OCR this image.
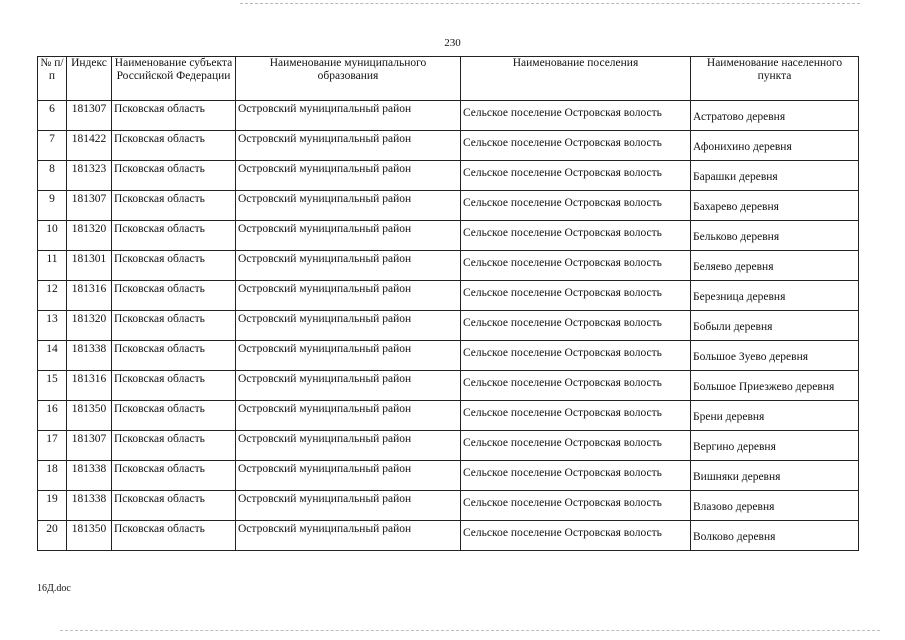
230
№ п/п	Индекс	Наименование субъекта Российской Федерации	Наименование муниципального образования	Наименование поселения	Наименование населенного пункта
6	181307	Псковская область	Островский муниципальный район	Сельское поселение Островская волость	Астратово деревня
7	181422	Псковская область	Островский муниципальный район	Сельское поселение Островская волость	Афонихино деревня
8	181323	Псковская область	Островский муниципальный район	Сельское поселение Островская волость	Барашки деревня
9	181307	Псковская область	Островский муниципальный район	Сельское поселение Островская волость	Бахарево деревня
10	181320	Псковская область	Островский муниципальный район	Сельское поселение Островская волость	Бельково деревня
11	181301	Псковская область	Островский муниципальный район	Сельское поселение Островская волость	Беляево деревня
12	181316	Псковская область	Островский муниципальный район	Сельское поселение Островская волость	Березница деревня
13	181320	Псковская область	Островский муниципальный район	Сельское поселение Островская волость	Бобыли деревня
14	181338	Псковская область	Островский муниципальный район	Сельское поселение Островская волость	Большое Зуево деревня
15	181316	Псковская область	Островский муниципальный район	Сельское поселение Островская волость	Большое Приезжево деревня
16	181350	Псковская область	Островский муниципальный район	Сельское поселение Островская волость	Брени деревня
17	181307	Псковская область	Островский муниципальный район	Сельское поселение Островская волость	Вергино деревня
18	181338	Псковская область	Островский муниципальный район	Сельское поселение Островская волость	Вишняки деревня
19	181338	Псковская область	Островский муниципальный район	Сельское поселение Островская волость	Влазово деревня
20	181350	Псковская область	Островский муниципальный район	Сельское поселение Островская волость	Волково деревня
16Д.doc
